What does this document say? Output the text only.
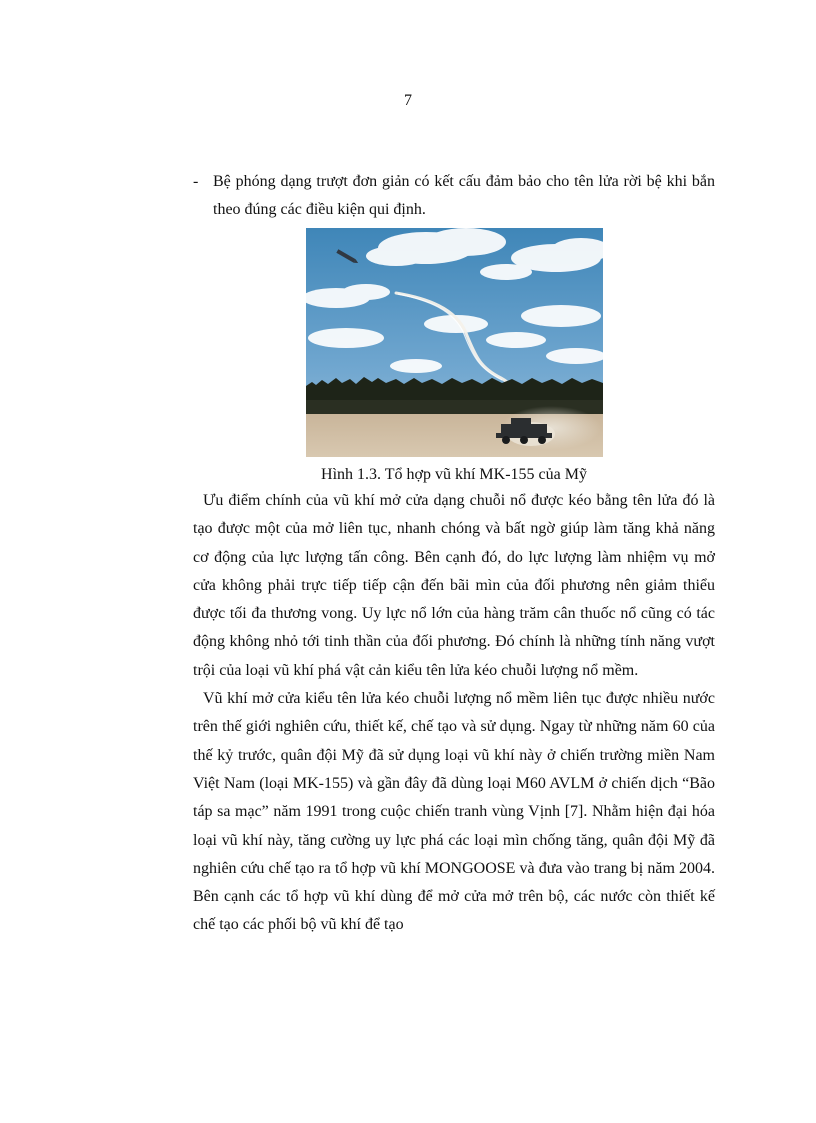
7

- Bệ phóng dạng trượt đơn giản có kết cấu đảm bảo cho tên lửa rời bệ khi bắn theo đúng các điều kiện qui định.

Hình 1.3. Tổ hợp vũ khí MK-155 của Mỹ

Ưu điểm chính của vũ khí mở cửa dạng chuỗi nổ được kéo bằng tên lửa đó là tạo được một của mở liên tục, nhanh chóng và bất ngờ giúp làm tăng khả năng cơ động của lực lượng tấn công. Bên cạnh đó, do lực lượng làm nhiệm vụ mở cửa không phải trực tiếp tiếp cận đến bãi mìn của đối phương nên giảm thiểu được tối đa thương vong. Uy lực nổ lớn của hàng trăm cân thuốc nổ cũng có tác động không nhỏ tới tinh thần của đối phương. Đó chính là những tính năng vượt trội của loại vũ khí phá vật cản kiểu tên lửa kéo chuỗi lượng nổ mềm.

Vũ khí mở cửa kiểu tên lửa kéo chuỗi lượng nổ mềm liên tục được nhiều nước trên thế giới nghiên cứu, thiết kế, chế tạo và sử dụng. Ngay từ những năm 60 của thế kỷ trước, quân đội Mỹ đã sử dụng loại vũ khí này ở chiến trường miền Nam Việt Nam (loại MK-155) và gần đây đã dùng loại M60 AVLM ở chiến dịch “Bão táp sa mạc” năm 1991 trong cuộc chiến tranh vùng Vịnh [7]. Nhằm hiện đại hóa loại vũ khí này, tăng cường uy lực phá các loại mìn chống tăng, quân đội Mỹ đã nghiên cứu chế tạo ra tổ hợp vũ khí MONGOOSE và đưa vào trang bị năm 2004. Bên cạnh các tổ hợp vũ khí dùng để mở cửa mở trên bộ, các nước còn thiết kế chế tạo các phối bộ vũ khí để tạo
